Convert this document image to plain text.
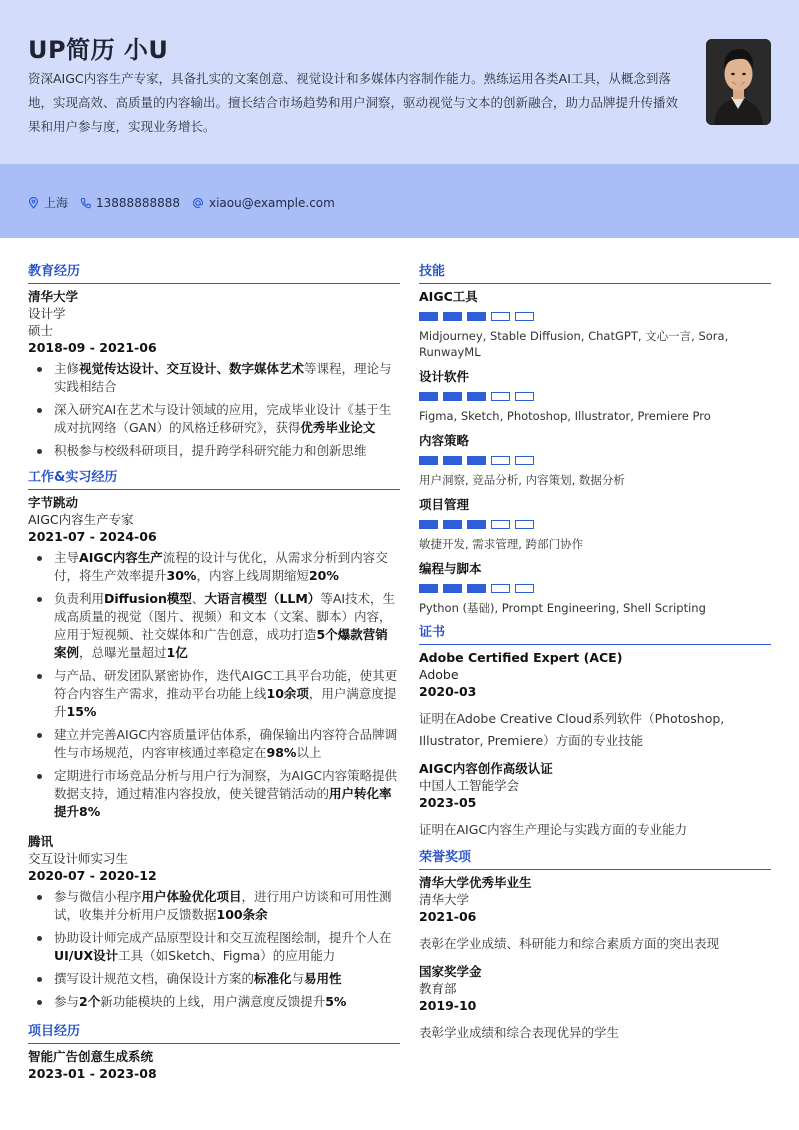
UP简历 小U
资深AIGC内容生产专家，具备扎实的文案创意、视觉设计和多媒体内容制作能力。熟练运用各类AI工具，从概念到落地，实现高效、高质量的内容输出。擅长结合市场趋势和用户洞察，驱动视觉与文本的创新融合，助力品牌提升传播效果和用户参与度，实现业务增长。
上海 13888888888 xiaou@example.com
教育经历
清华大学
设计学
硕士
2018-09 - 2021-06
主修视觉传达设计、交互设计、数字媒体艺术等课程，理论与实践相结合
深入研究AI在艺术与设计领域的应用，完成毕业设计《基于生成对抗网络（GAN）的风格迁移研究》，获得优秀毕业论文
积极参与校级科研项目，提升跨学科研究能力和创新思维
工作&实习经历
字节跳动
AIGC内容生产专家
2021-07 - 2024-06
主导AIGC内容生产流程的设计与优化，从需求分析到内容交付，将生产效率提升30%，内容上线周期缩短20%
负责利用Diffusion模型、大语言模型（LLM）等AI技术，生成高质量的视觉（图片、视频）和文本（文案、脚本）内容，应用于短视频、社交媒体和广告创意，成功打造5个爆款营销案例，总曝光量超过1亿
与产品、研发团队紧密协作，迭代AIGC工具平台功能，使其更符合内容生产需求，推动平台功能上线10余项，用户满意度提升15%
建立并完善AIGC内容质量评估体系，确保输出内容符合品牌调性与市场规范，内容审核通过率稳定在98%以上
定期进行市场竞品分析与用户行为洞察，为AIGC内容策略提供数据支持，通过精准内容投放，使关键营销活动的用户转化率提升8%
腾讯
交互设计师实习生
2020-07 - 2020-12
参与微信小程序用户体验优化项目，进行用户访谈和可用性测试，收集并分析用户反馈数据100条余
协助设计师完成产品原型设计和交互流程图绘制，提升个人在UI/UX设计工具（如Sketch、Figma）的应用能力
撰写设计规范文档，确保设计方案的标准化与易用性
参与2个新功能模块的上线，用户满意度反馈提升5%
项目经历
智能广告创意生成系统
2023-01 - 2023-08
技能
AIGC工具
Midjourney, Stable Diffusion, ChatGPT, 文心一言, Sora, RunwayML
设计软件
Figma, Sketch, Photoshop, Illustrator, Premiere Pro
内容策略
用户洞察, 竞品分析, 内容策划, 数据分析
项目管理
敏捷开发, 需求管理, 跨部门协作
编程与脚本
Python (基础), Prompt Engineering, Shell Scripting
证书
Adobe Certified Expert (ACE)
Adobe
2020-03
证明在Adobe Creative Cloud系列软件（Photoshop, Illustrator, Premiere）方面的专业技能
AIGC内容创作高级认证
中国人工智能学会
2023-05
证明在AIGC内容生产理论与实践方面的专业能力
荣誉奖项
清华大学优秀毕业生
清华大学
2021-06
表彰在学业成绩、科研能力和综合素质方面的突出表现
国家奖学金
教育部
2019-10
表彰学业成绩和综合表现优异的学生
